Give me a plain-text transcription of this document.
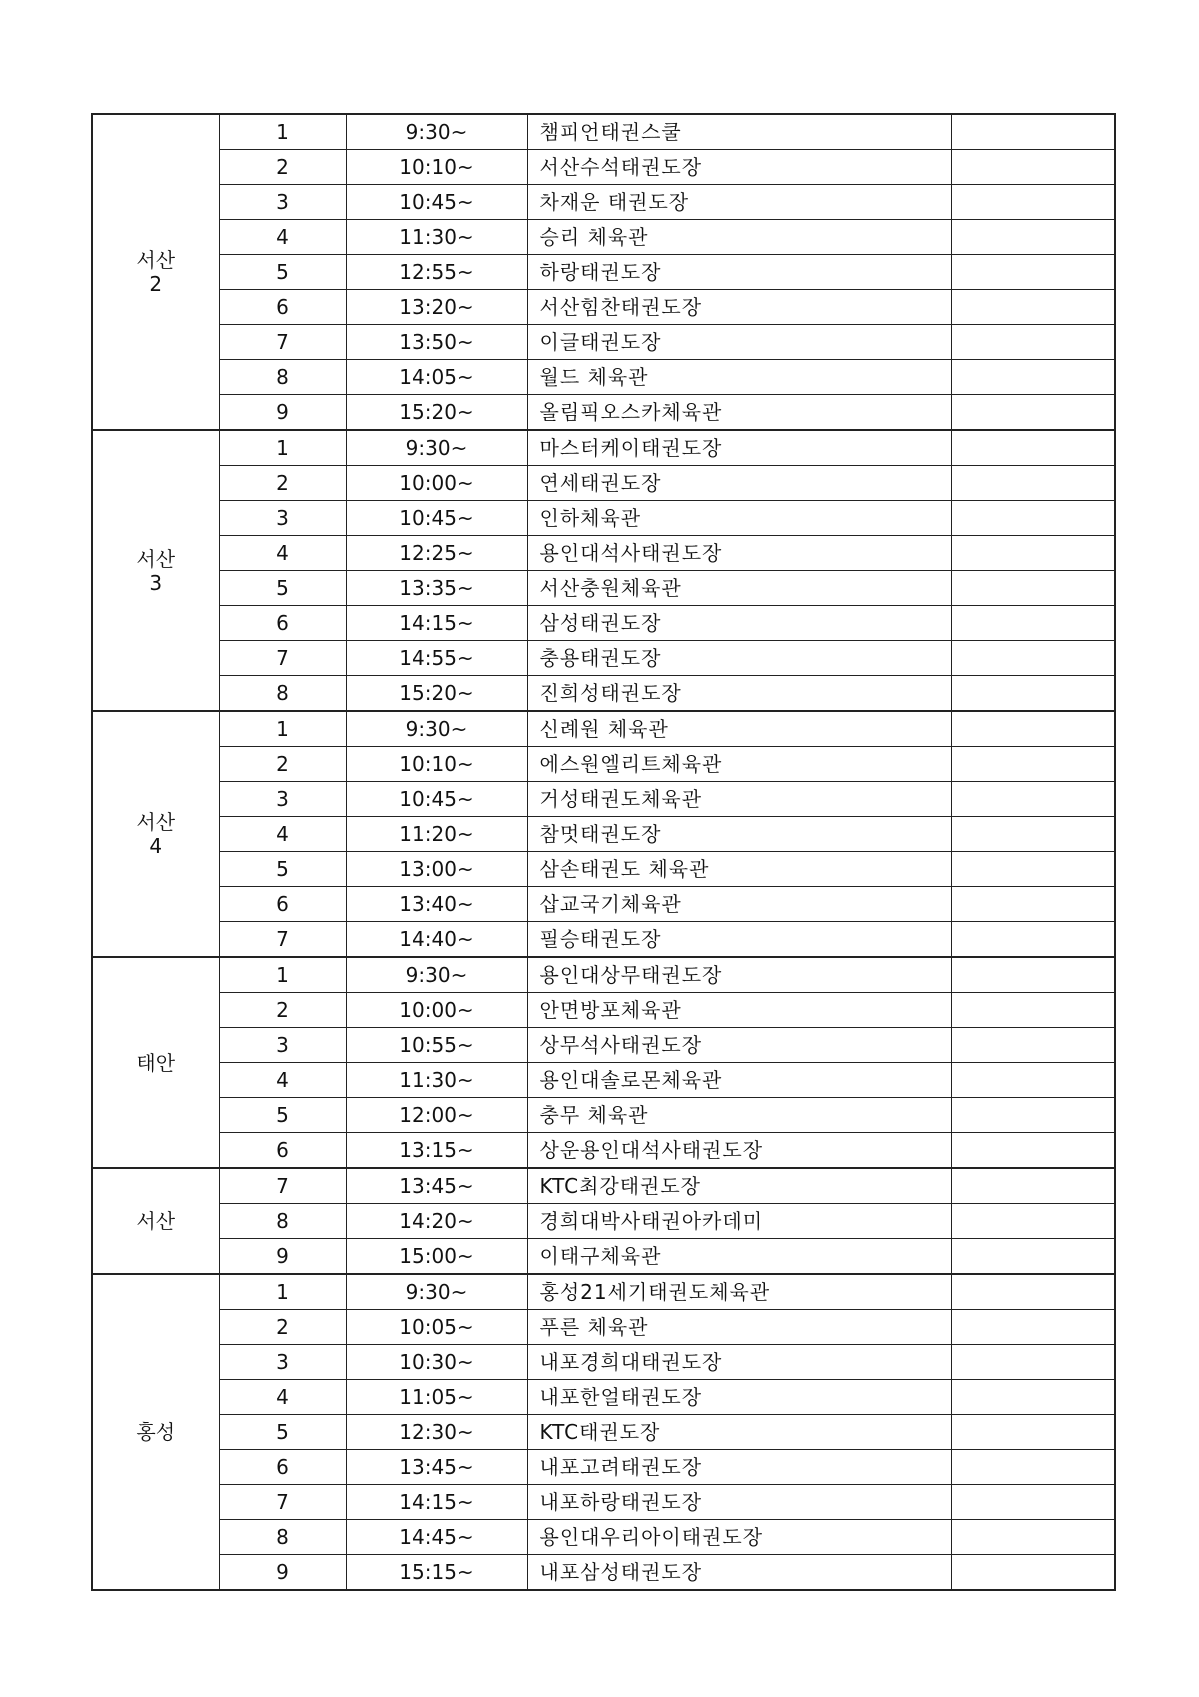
서산
2	1	9:30~	챔피언태권스쿨	
	2	10:10~	서산수석태권도장	
	3	10:45~	차재운 태권도장	
	4	11:30~	승리 체육관	
	5	12:55~	하랑태권도장	
	6	13:20~	서산힘찬태권도장	
	7	13:50~	이글태권도장	
	8	14:05~	월드 체육관	
	9	15:20~	올림픽오스카체육관	

서산
3	1	9:30~	마스터케이태권도장	
	2	10:00~	연세태권도장	
	3	10:45~	인하체육관	
	4	12:25~	용인대석사태권도장	
	5	13:35~	서산충원체육관	
	6	14:15~	삼성태권도장	
	7	14:55~	충용태권도장	
	8	15:20~	진희성태권도장	

서산
4	1	9:30~	신례원 체육관	
	2	10:10~	에스원엘리트체육관	
	3	10:45~	거성태권도체육관	
	4	11:20~	참멋태권도장	
	5	13:00~	삼손태권도 체육관	
	6	13:40~	삽교국기체육관	
	7	14:40~	필승태권도장	

태안	1	9:30~	용인대상무태권도장	
	2	10:00~	안면방포체육관	
	3	10:55~	상무석사태권도장	
	4	11:30~	용인대솔로몬체육관	
	5	12:00~	충무 체육관	
	6	13:15~	상운용인대석사태권도장	

서산	7	13:45~	KTC최강태권도장	
	8	14:20~	경희대박사태권아카데미	
	9	15:00~	이태구체육관	

홍성	1	9:30~	홍성21세기태권도체육관	
	2	10:05~	푸른 체육관	
	3	10:30~	내포경희대태권도장	
	4	11:05~	내포한얼태권도장	
	5	12:30~	KTC태권도장	
	6	13:45~	내포고려태권도장	
	7	14:15~	내포하랑태권도장	
	8	14:45~	용인대우리아이태권도장	
	9	15:15~	내포삼성태권도장	
